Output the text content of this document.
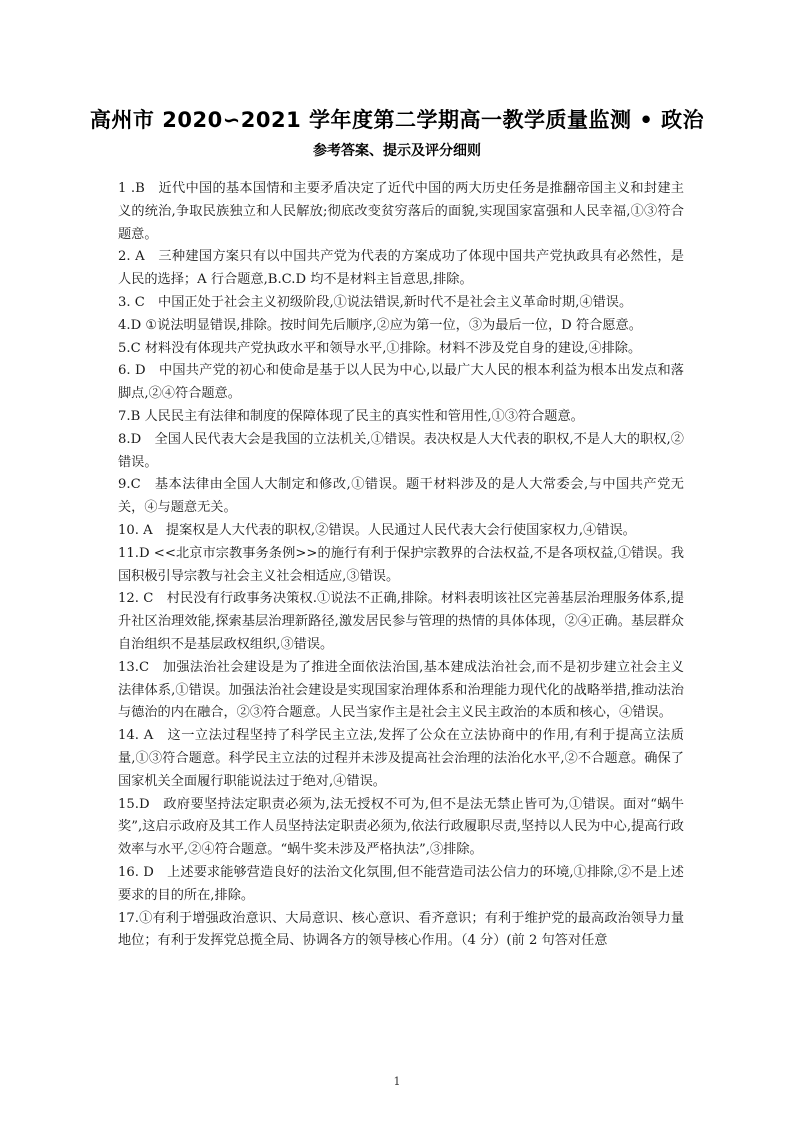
高州市 2020∽2021 学年度第二学期高一教学质量监测 • 政治
参考答案、提示及评分细则

1 .B　近代中国的基本国情和主要矛盾决定了近代中国的两大历史任务是推翻帝国主义和封建主义的统治,争取民族独立和人民解放;彻底改变贫穷落后的面貌,实现国家富强和人民幸福,①③符合题意。

2. A　三种建国方案只有以中国共产党为代表的方案成功了体现中国共产党执政具有必然性，是人民的选择；A 行合题意,B.C.D 均不是材料主旨意思,排除。

3. C　中国正处于社会主义初级阶段,①说法错误,新时代不是社会主义革命时期,④错误。

4.D ①说法明显错误,排除。按时间先后顺序,②应为第一位，③为最后一位，D 符合愿意。

5.C 材料没有体现共产党执政水平和领导水平,①排除。材料不涉及党自身的建设,④排除。

6. D　中国共产党的初心和使命是基于以人民为中心,以最广大人民的根本利益为根本出发点和落脚点,②④符合题意。

7.B 人民民主有法律和制度的保障体现了民主的真实性和管用性,①③符合题意。

8.D　全国人民代表大会是我国的立法机关,①错误。表决权是人大代表的职权,不是人大的职权,②错误。

9.C　基本法律由全国人大制定和修改,①错误。题干材料涉及的是人大常委会,与中国共产党无关，④与题意无关。

10. A　提案权是人大代表的职权,②错误。人民通过人民代表大会行使国家权力,④错误。

11.D <<北京市宗教事务条例>>的施行有利于保护宗教界的合法权益,不是各项权益,①错误。我国积极引导宗教与社会主义社会相适应,③错误。

12. C　村民没有行政事务决策权.①说法不正确,排除。材料表明该社区完善基层治理服务体系,提升社区治理效能,探索基层治理新路径,激发居民参与管理的热情的具体体现，②④正确。基层群众自治组织不是基层政权组织,③错误。

13.C　加强法治社会建设是为了推进全面依法治国,基本建成法治社会,而不是初步建立社会主义法律体系,①错误。加强法治社会建设是实现国家治理体系和治理能力现代化的战略举措,推动法治与德治的内在融合，②③符合题意。人民当家作主是社会主义民主政治的本质和核心，④错误。

14. A　这一立法过程坚持了科学民主立法,发挥了公众在立法协商中的作用,有利于提高立法质量,①③符合题意。科学民主立法的过程并未涉及提高社会治理的法治化水平,②不合题意。确保了国家机关全面履行职能说法过于绝对,④错误。

15.D　政府要坚持法定职责必须为,法无授权不可为,但不是法无禁止皆可为,①错误。面对“蜗牛奖”,这启示政府及其工作人员坚持法定职责必须为,依法行政履职尽责,坚持以人民为中心,提高行政效率与水平,②④符合题意。“蜗牛奖未涉及严格执法”,③排除。

16. D　上述要求能够营造良好的法治文化氛围,但不能营造司法公信力的环境,①排除,②不是上述要求的目的所在,排除。

17.①有利于增强政治意识、大局意识、核心意识、看齐意识；有利于维护党的最高政治领导力量地位；有利于发挥党总揽全局、协调各方的领导核心作用。（4 分）(前 2 句答对任意

1
